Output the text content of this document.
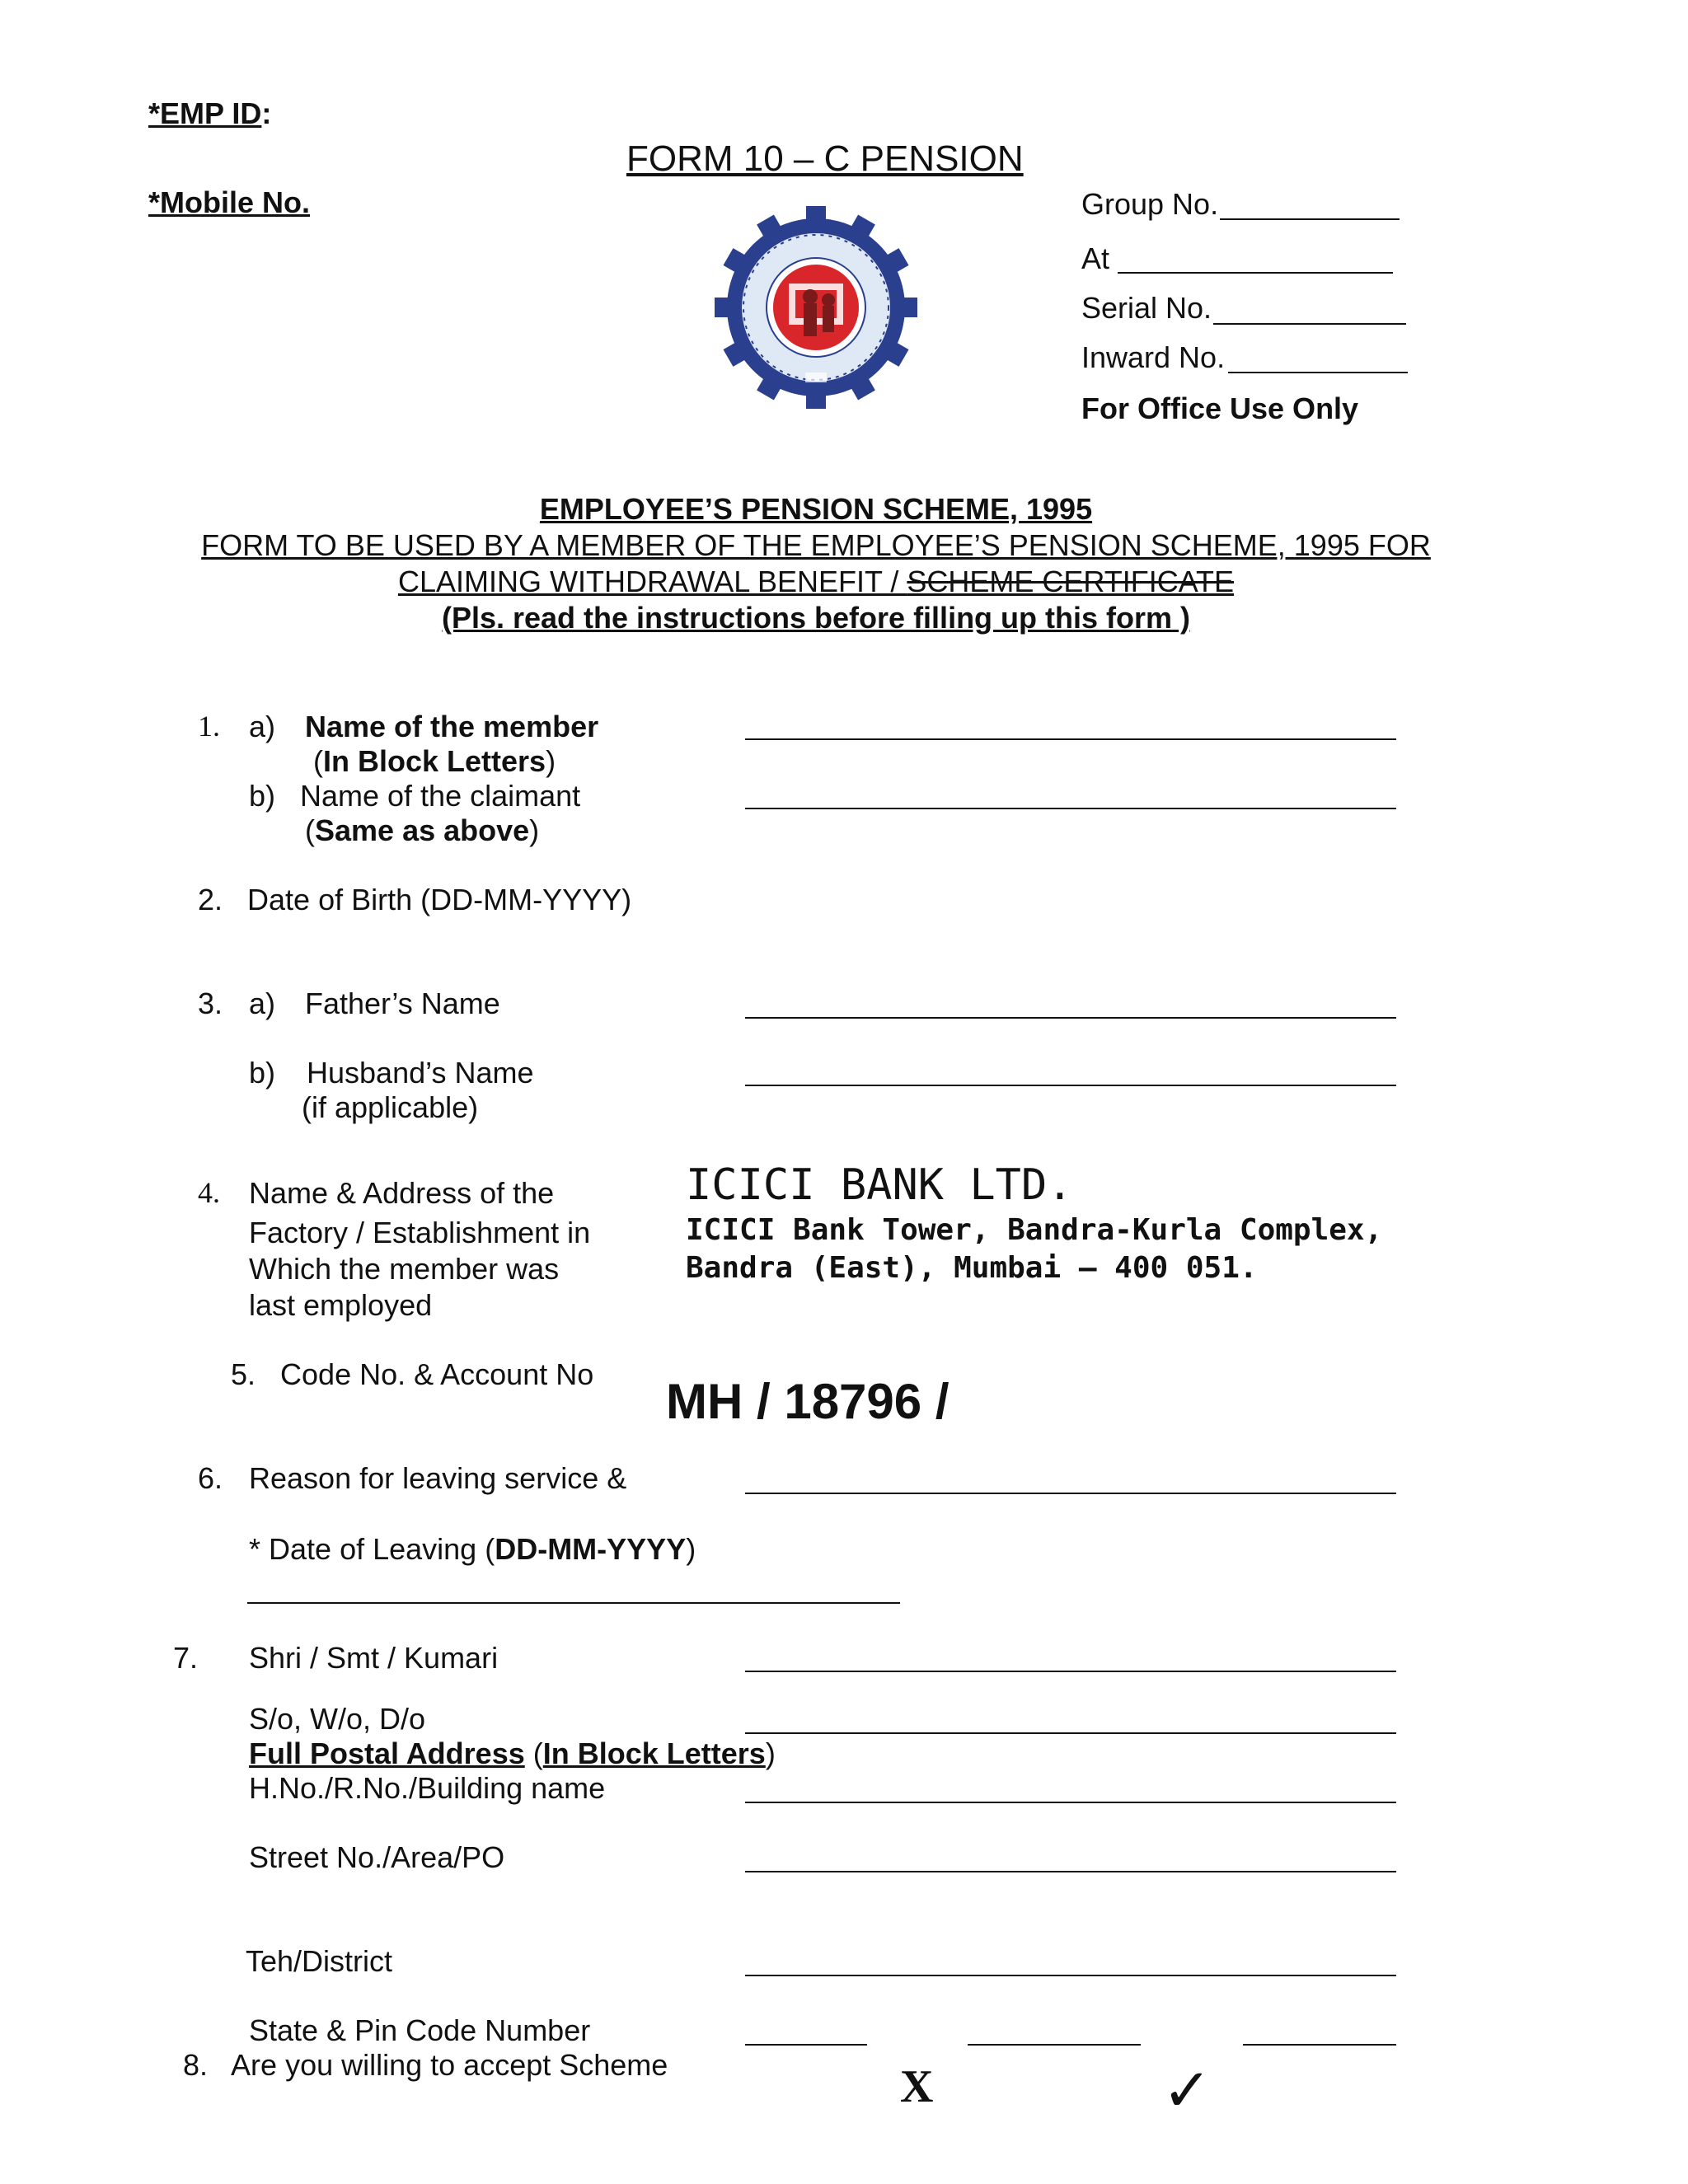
*EMP ID:
*Mobile No.
FORM 10 – C PENSION
Group No.
At
Serial No.
Inward No.
For Office Use Only
EMPLOYEE’S PENSION SCHEME, 1995
FORM TO BE USED BY A MEMBER OF THE EMPLOYEE’S PENSION SCHEME, 1995 FOR
CLAIMING WITHDRAWAL BENEFIT / SCHEME CERTIFICATE
(Pls. read the instructions before filling up this form )
1. a) Name of the member
(In Block Letters)
b) Name of the claimant
(Same as above)
2.   Date of Birth (DD-MM-YYYY)
3. a) Father’s Name
b) Husband’s Name
(if applicable)
4. Name & Address of the
Factory / Establishment in
Which the member was
last employed
ICICI BANK LTD.
ICICI Bank Tower, Bandra-Kurla Complex,
Bandra (East), Mumbai – 400 051.
5.   Code No. & Account No MH / 18796 /
6. Reason for leaving service &
* Date of Leaving (DD-MM-YYYY)
7. Shri / Smt / Kumari
S/o, W/o, D/o
Full Postal Address (In Block Letters)
H.No./R.No./Building name
Street No./Area/PO
Teh/District
State & Pin Code Number
8.   Are you willing to accept Scheme	X	✓
